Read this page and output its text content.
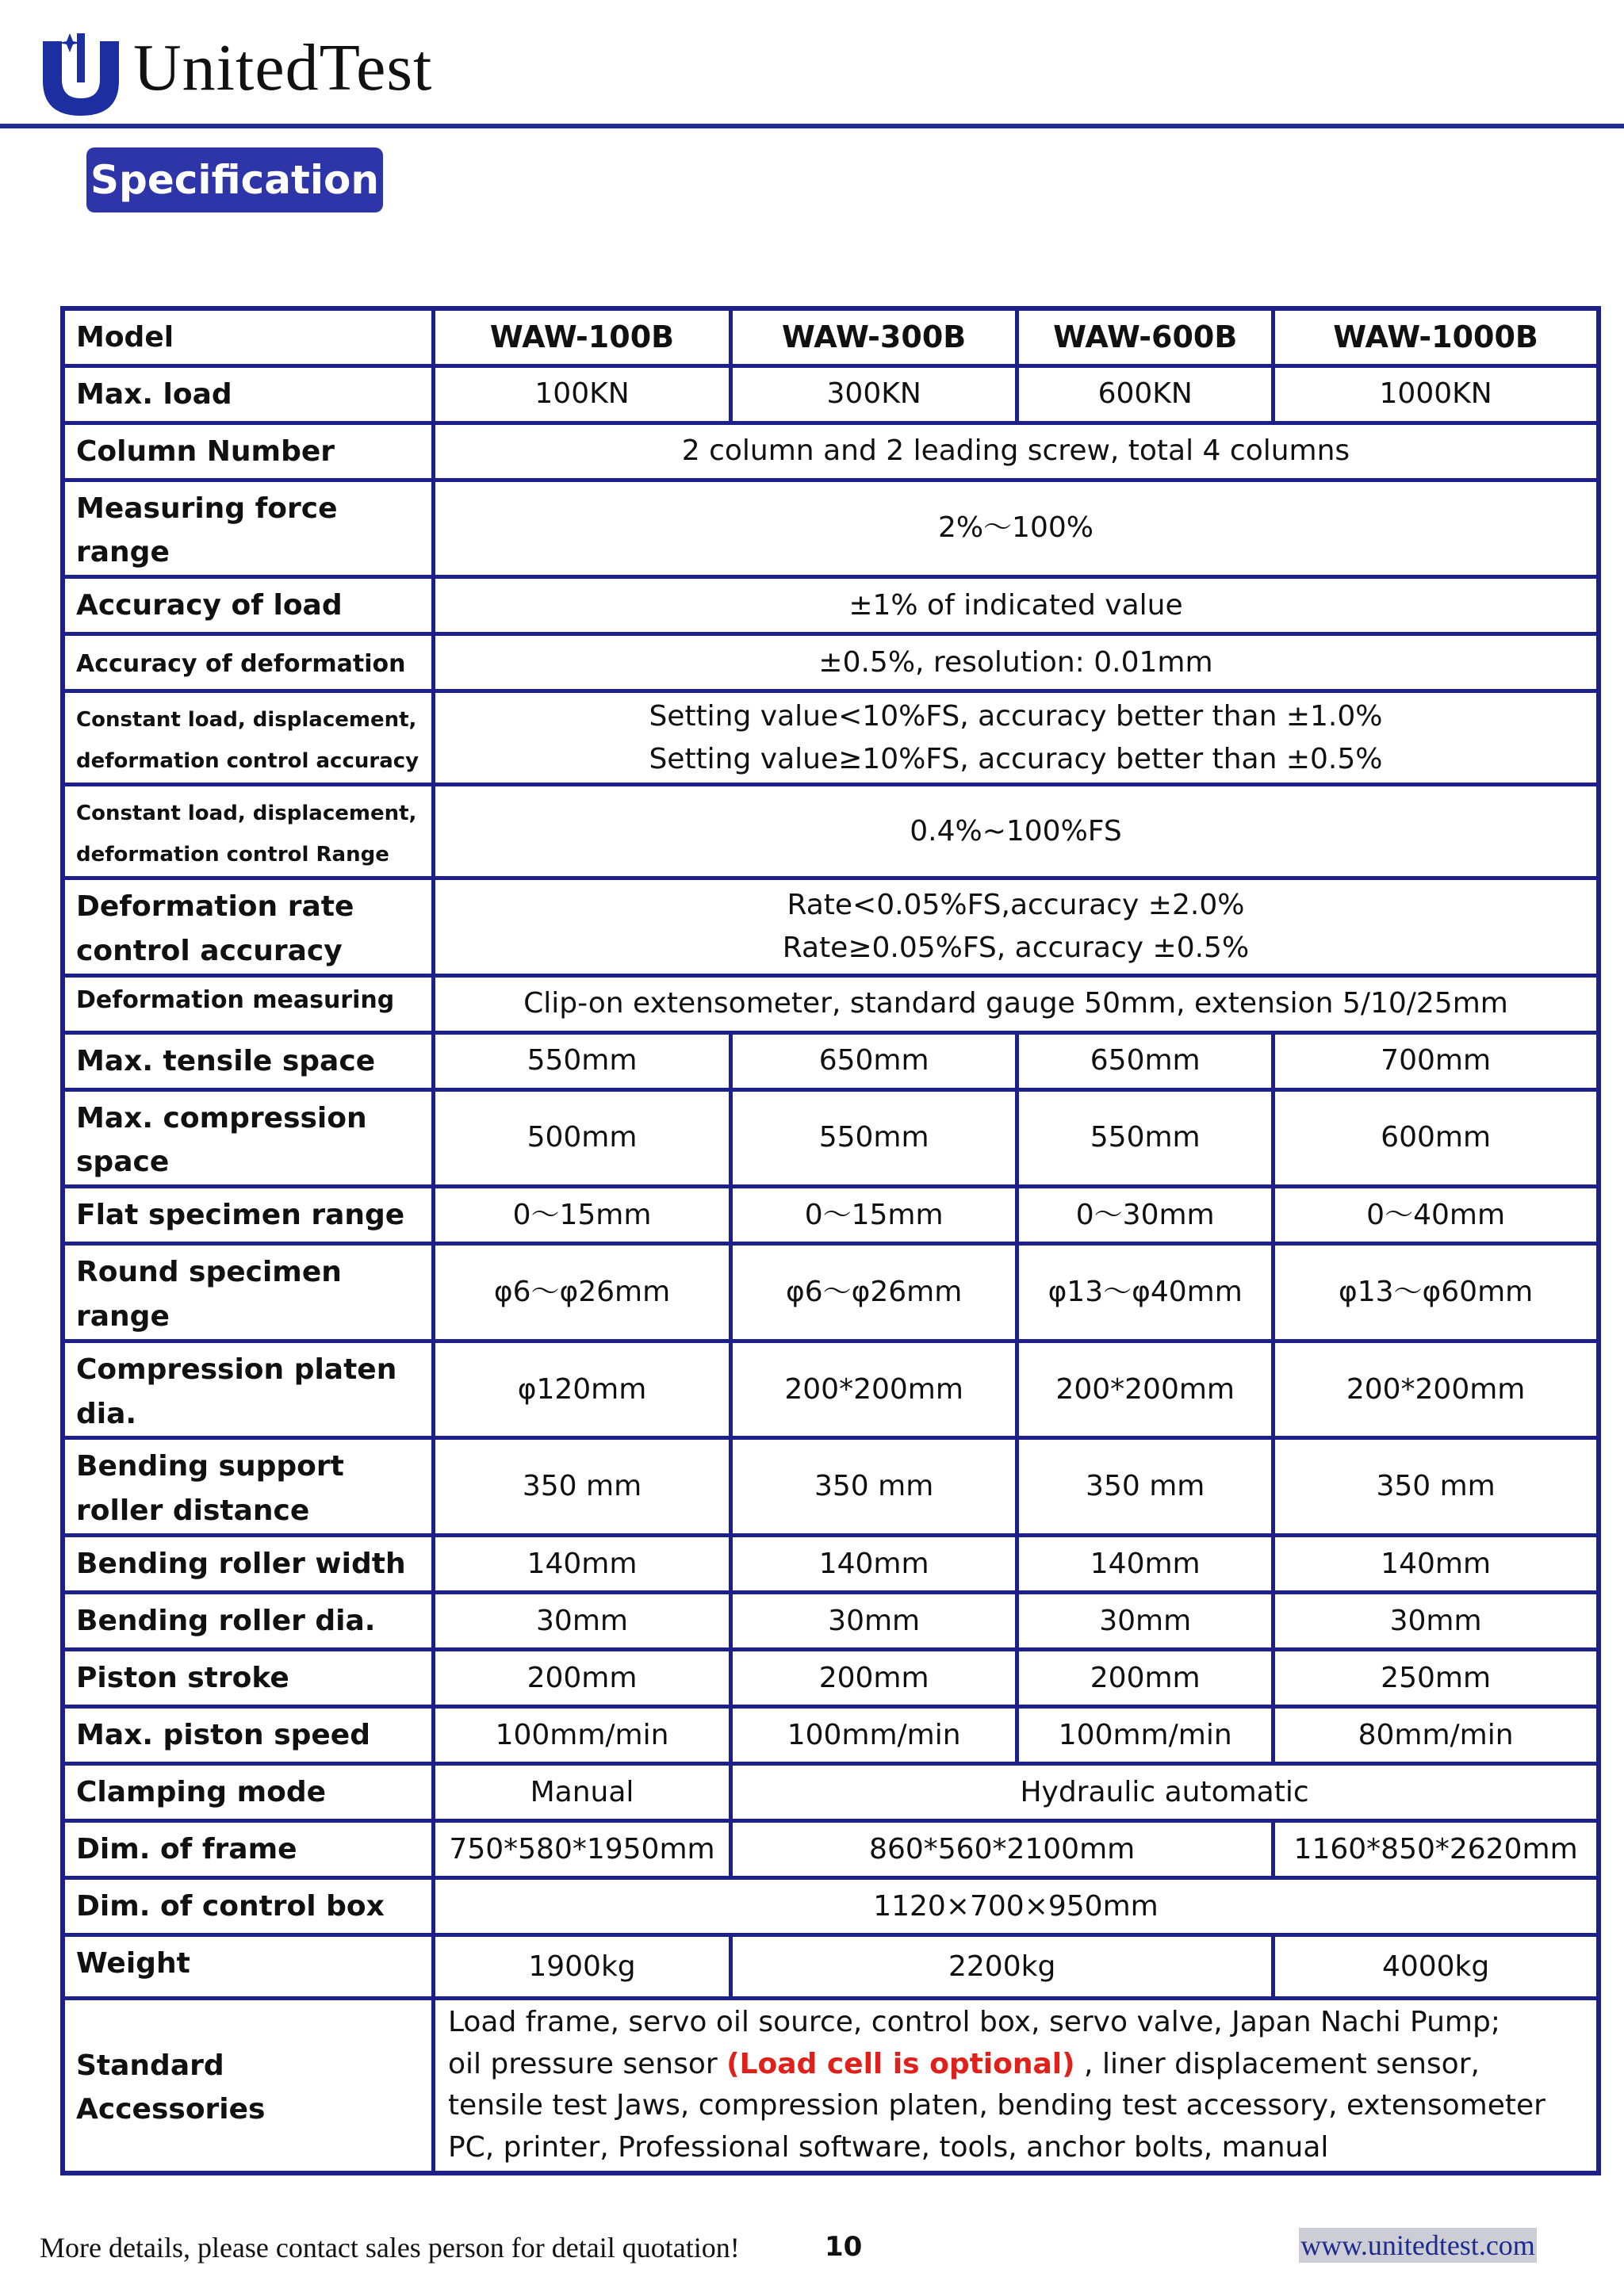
UnitedTest
Specification
Model	WAW-100B	WAW-300B	WAW-600B	WAW-1000B
Max. load	100KN	300KN	600KN	1000KN
Column Number	2 column and 2 leading screw, total 4 columns			
Measuring force
range	2%～100%			
Accuracy of load	±1% of indicated value			
Accuracy of deformation	±0.5%, resolution: 0.01mm			
Constant load, displacement,
deformation control accuracy	Setting value<10%FS, accuracy better than ±1.0%
Setting value≥10%FS, accuracy better than ±0.5%			
Constant load, displacement,
deformation control Range	0.4%~100%FS			
Deformation rate
control accuracy	Rate<0.05%FS,accuracy ±2.0%
Rate≥0.05%FS, accuracy ±0.5%			
Deformation measuring	Clip-on extensometer, standard gauge 50mm, extension 5/10/25mm			
Max. tensile space	550mm	650mm	650mm	700mm
Max. compression
space	500mm	550mm	550mm	600mm
Flat specimen range	0～15mm	0～15mm	0～30mm	0～40mm
Round specimen
range	φ6～φ26mm	φ6～φ26mm	φ13～φ40mm	φ13～φ60mm
Compression platen
dia.	φ120mm	200*200mm	200*200mm	200*200mm
Bending support
roller distance	350 mm	350 mm	350 mm	350 mm
Bending roller width	140mm	140mm	140mm	140mm
Bending roller dia.	30mm	30mm	30mm	30mm
Piston stroke	200mm	200mm	200mm	250mm
Max. piston speed	100mm/min	100mm/min	100mm/min	80mm/min
Clamping mode	Manual	Hydraulic automatic		
Dim. of frame	750*580*1950mm	860*560*2100mm		1160*850*2620mm
Dim. of control box	1120×700×950mm			
Weight	1900kg	2200kg		4000kg
Standard
Accessories	Load frame, servo oil source, control box, servo valve, Japan Nachi Pump;
oil pressure sensor (Load cell is optional) , liner displacement sensor,
tensile test Jaws, compression platen, bending test accessory, extensometer
PC, printer, Professional software, tools, anchor bolts, manual			
More details, please contact sales person for detail quotation!	10	www.unitedtest.com
